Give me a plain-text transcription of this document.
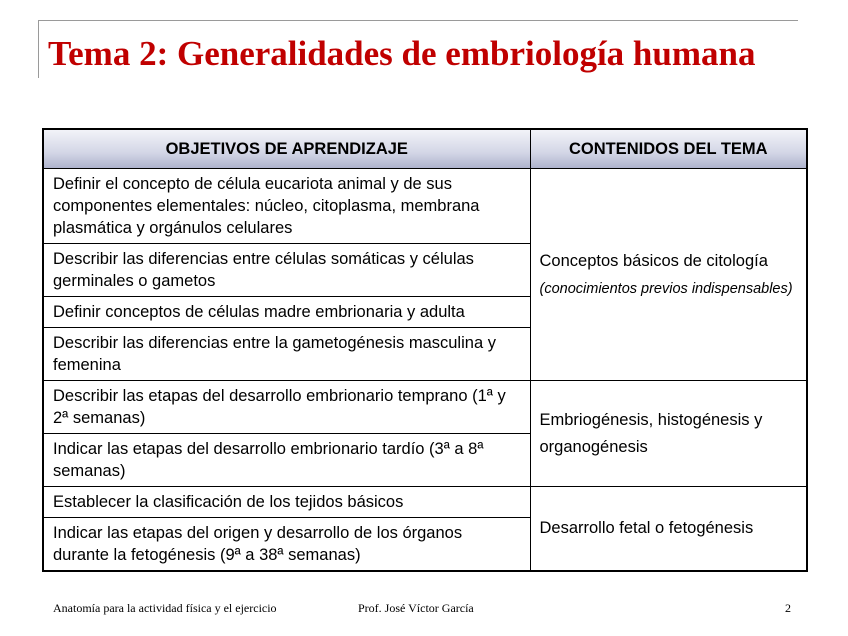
Tema 2: Generalidades de embriología humana
OBJETIVOS DE APRENDIZAJE	CONTENIDOS DEL TEMA
Definir el concepto de célula eucariota animal y de sus componentes elementales: núcleo, citoplasma, membrana plasmática y orgánulos celulares	Conceptos básicos de citología (conocimientos previos indispensables)
Describir las diferencias entre células somáticas y células germinales o gametos	
Definir conceptos de células madre embrionaria y adulta	
Describir las diferencias entre la gametogénesis masculina y femenina	
Describir las etapas del desarrollo embrionario temprano (1ª y 2ª semanas)	Embriogénesis, histogénesis y organogénesis
Indicar las etapas del desarrollo embrionario tardío (3ª a 8ª semanas)	
Establecer la clasificación de los tejidos básicos	Desarrollo fetal o fetogénesis
Indicar las etapas del origen y desarrollo de los órganos durante la fetogénesis (9ª a 38ª semanas)	
Anatomía para la actividad física y el ejercicio	Prof. José Víctor García	2
